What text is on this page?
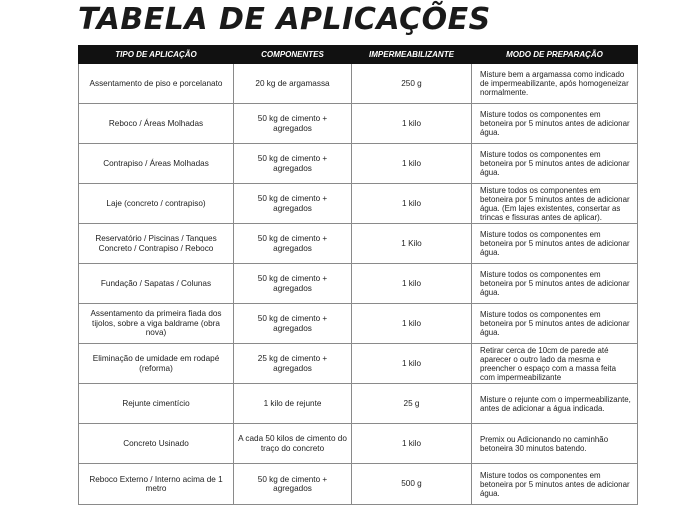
TABELA DE APLICAÇÕES
TIPO DE APLICAÇÃO	COMPONENTES	IMPERMEABILIZANTE	MODO DE PREPARAÇÃO
Assentamento de piso e porcelanato	20 kg de argamassa	250 g	Misture bem a argamassa como indicado de impermeabilizante, após homogeneizar normalmente.
Reboco / Áreas Molhadas	50 kg de cimento + agregados	1 kilo	Misture todos os componentes em betoneira por 5 minutos antes de adicionar água.
Contrapiso / Áreas Molhadas	50 kg de cimento + agregados	1 kilo	Misture todos os componentes em betoneira por 5 minutos antes de adicionar água.
Laje (concreto / contrapiso)	50 kg de cimento + agregados	1 kilo	Misture todos os componentes em betoneira por 5 minutos antes de adicionar água. (Em lajes existentes, consertar as trincas e fissuras antes de aplicar).
Reservatório / Piscinas / Tanques Concreto / Contrapiso / Reboco	50 kg de cimento + agregados	1 Kilo	Misture todos os componentes em betoneira por 5 minutos antes de adicionar água.
Fundação / Sapatas / Colunas	50 kg de cimento + agregados	1 kilo	Misture todos os componentes em betoneira por 5 minutos antes de adicionar água.
Assentamento da primeira fiada dos tijolos, sobre a viga baldrame (obra nova)	50 kg de cimento + agregados	1 kilo	Misture todos os componentes em betoneira por 5 minutos antes de adicionar água.
Eliminação de umidade em rodapé (reforma)	25 kg de cimento + agregados	1 kilo	Retirar cerca de 10cm de parede até aparecer o outro lado da mesma e preencher o espaço com a massa feita com impermeabilizante
Rejunte cimentício	1 kilo de rejunte	25 g	Misture o rejunte com o impermeabilizante, antes de adicionar a água indicada.
Concreto Usinado	A cada 50 kilos de cimento do traço do concreto	1 kilo	Premix ou Adicionando no caminhão betoneira 30 minutos batendo.
Reboco Externo / Interno acima de 1 metro	50 kg de cimento + agregados	500 g	Misture todos os componentes em betoneira por 5 minutos antes de adicionar água.
